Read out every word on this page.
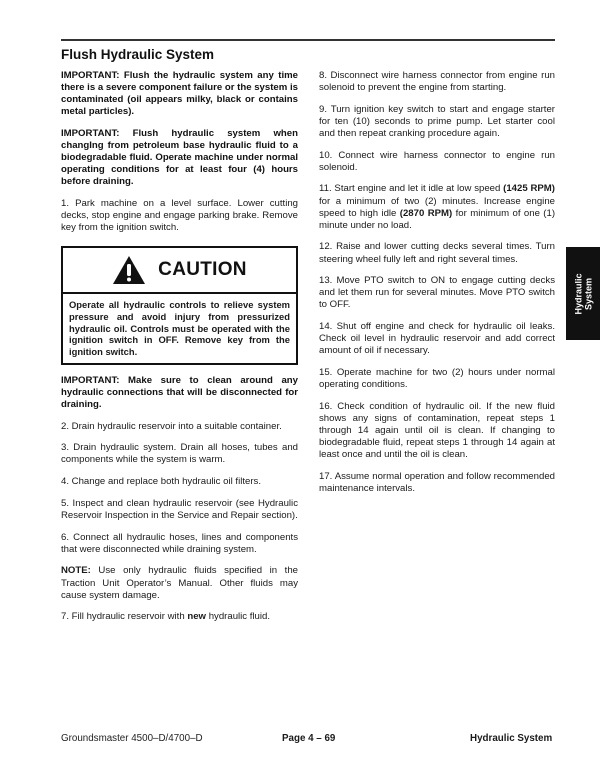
Flush Hydraulic System

IMPORTANT: Flush the hydraulic system any time there is a severe component failure or the system is contaminated (oil appears milky, black or contains metal particles).

IMPORTANT: Flush hydraulic system when changIng from petroleum base hydraulic fluid to a biodegradable fluid. Operate machine under normal operating conditions for at least four (4) hours before draining.

1. Park machine on a level surface. Lower cutting decks, stop engine and engage parking brake. Remove key from the ignition switch.

CAUTION
Operate all hydraulic controls to relieve system pressure and avoid injury from pressurized hydraulic oil. Controls must be operated with the ignition switch in OFF. Remove key from the ignition switch.

IMPORTANT: Make sure to clean around any hydraulic connections that will be disconnected for draining.

2. Drain hydraulic reservoir into a suitable container.

3. Drain hydraulic system. Drain all hoses, tubes and components while the system is warm.

4. Change and replace both hydraulic oil filters.

5. Inspect and clean hydraulic reservoir (see Hydraulic Reservoir Inspection in the Service and Repair section).

6. Connect all hydraulic hoses, lines and components that were disconnected while draining system.

NOTE: Use only hydraulic fluids specified in the Traction Unit Operator’s Manual. Other fluids may cause system damage.

7. Fill hydraulic reservoir with new hydraulic fluid.

8. Disconnect wire harness connector from engine run solenoid to prevent the engine from starting.

9. Turn ignition key switch to start and engage starter for ten (10) seconds to prime pump. Let starter cool and then repeat cranking procedure again.

10. Connect wire harness connector to engine run solenoid.

11. Start engine and let it idle at low speed (1425 RPM) for a minimum of two (2) minutes. Increase engine speed to high idle (2870 RPM) for minimum of one (1) minute under no load.

12. Raise and lower cutting decks several times. Turn steering wheel fully left and right several times.

13. Move PTO switch to ON to engage cutting decks and let them run for several minutes. Move PTO switch to OFF.

14. Shut off engine and check for hydraulic oil leaks. Check oil level in hydraulic reservoir and add correct amount of oil if necessary.

15. Operate machine for two (2) hours under normal operating conditions.

16. Check condition of hydraulic oil. If the new fluid shows any signs of contamination, repeat steps 1 through 14 again until oil is clean. If changing to biodegradable fluid, repeat steps 1 through 14 again at least once and until the oil is clean.

17. Assume normal operation and follow recommended maintenance intervals.

Hydraulic System
Groundsmaster 4500–D/4700–D	Page 4 – 69	Hydraulic System
